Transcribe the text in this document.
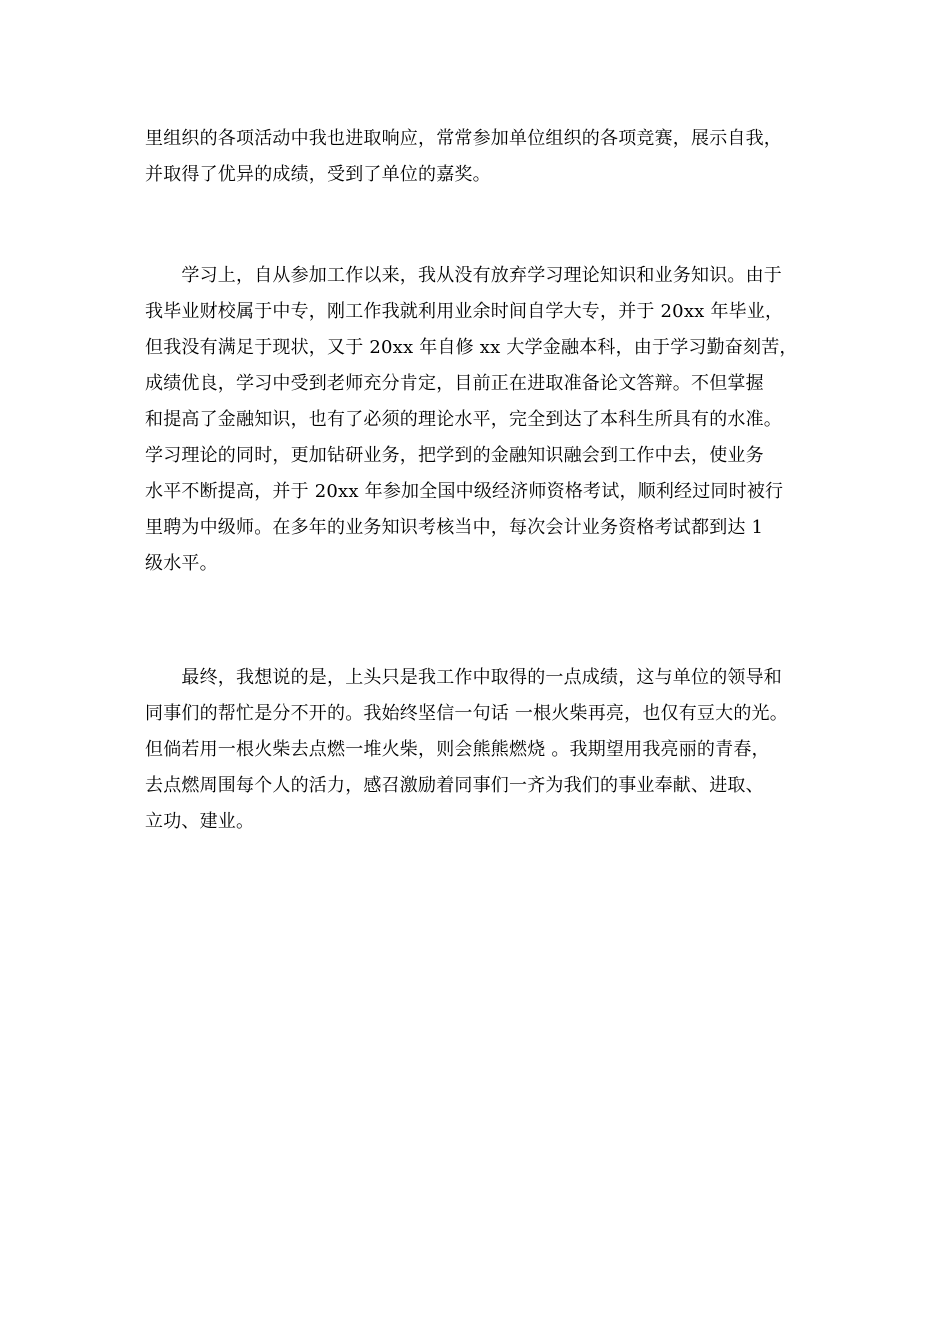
里组织的各项活动中我也进取响应，常常参加单位组织的各项竞赛，展示自我，
并取得了优异的成绩，受到了单位的嘉奖。
　　学习上，自从参加工作以来，我从没有放弃学习理论知识和业务知识。由于
我毕业财校属于中专，刚工作我就利用业余时间自学大专，并于 20xx 年毕业，
但我没有满足于现状，又于 20xx 年自修 xx 大学金融本科，由于学习勤奋刻苦，
成绩优良，学习中受到老师充分肯定，目前正在进取准备论文答辩。不但掌握
和提高了金融知识，也有了必须的理论水平，完全到达了本科生所具有的水准。
学习理论的同时，更加钻研业务，把学到的金融知识融会到工作中去，使业务
水平不断提高，并于 20xx 年参加全国中级经济师资格考试，顺利经过同时被行
里聘为中级师。在多年的业务知识考核当中，每次会计业务资格考试都到达 1
级水平。
　　最终，我想说的是，上头只是我工作中取得的一点成绩，这与单位的领导和
同事们的帮忙是分不开的。我始终坚信一句话 一根火柴再亮，也仅有豆大的光。
但倘若用一根火柴去点燃一堆火柴，则会熊熊燃烧 。我期望用我亮丽的青春，
去点燃周围每个人的活力，感召激励着同事们一齐为我们的事业奉献、进取、
立功、建业。
